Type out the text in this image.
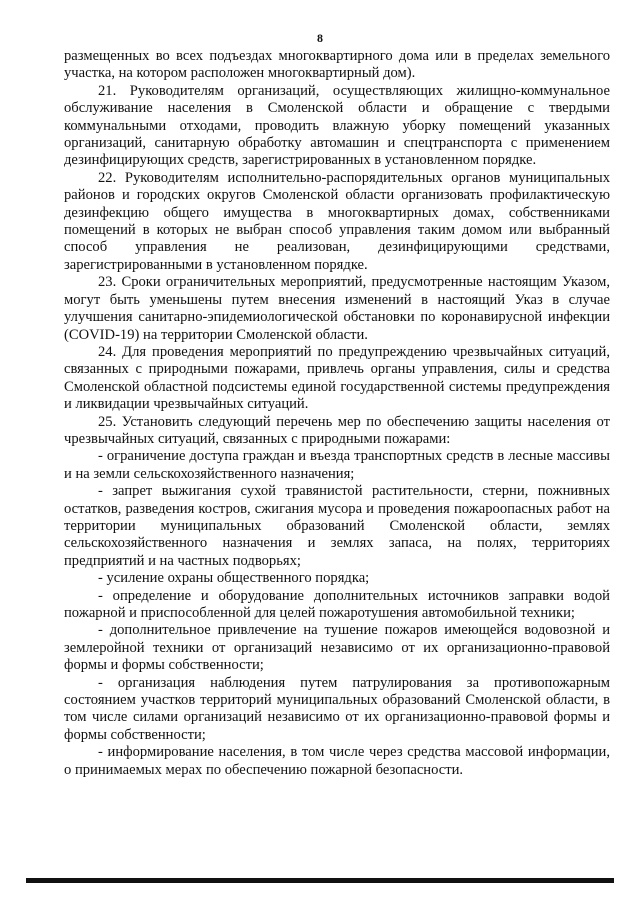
8

размещенных во всех подъездах многоквартирного дома или в пределах земельного участка, на котором расположен многоквартирный дом).

21. Руководителям организаций, осуществляющих жилищно-коммунальное обслуживание населения в Смоленской области и обращение с твердыми коммунальными отходами, проводить влажную уборку помещений указанных организаций, санитарную обработку автомашин и спецтранспорта с применением дезинфицирующих средств, зарегистрированных в установленном порядке.

22. Руководителям исполнительно-распорядительных органов муниципальных районов и городских округов Смоленской области организовать профилактическую дезинфекцию общего имущества в многоквартирных домах, собственниками помещений в которых не выбран способ управления таким домом или выбранный способ управления не реализован, дезинфицирующими средствами, зарегистрированными в установленном порядке.

23. Сроки ограничительных мероприятий, предусмотренные настоящим Указом, могут быть уменьшены путем внесения изменений в настоящий Указ в случае улучшения санитарно-эпидемиологической обстановки по коронавирусной инфекции (COVID-19) на территории Смоленской области.

24. Для проведения мероприятий по предупреждению чрезвычайных ситуаций, связанных с природными пожарами, привлечь органы управления, силы и средства Смоленской областной подсистемы единой государственной системы предупреждения и ликвидации чрезвычайных ситуаций.

25. Установить следующий перечень мер по обеспечению защиты населения от чрезвычайных ситуаций, связанных с природными пожарами:

- ограничение доступа граждан и въезда транспортных средств в лесные массивы и на земли сельскохозяйственного назначения;

- запрет выжигания сухой травянистой растительности, стерни, пожнивных остатков, разведения костров, сжигания мусора и проведения пожароопасных работ на территории муниципальных образований Смоленской области, землях сельскохозяйственного назначения и землях запаса, на полях, территориях предприятий и на частных подворьях;

- усиление охраны общественного порядка;

- определение и оборудование дополнительных источников заправки водой пожарной и приспособленной для целей пожаротушения автомобильной техники;

- дополнительное привлечение на тушение пожаров имеющейся водовозной и землеройной техники от организаций независимо от их организационно-правовой формы и формы собственности;

- организация наблюдения путем патрулирования за противопожарным состоянием участков территорий муниципальных образований Смоленской области, в том числе силами организаций независимо от их организационно-правовой формы и формы собственности;

- информирование населения, в том числе через средства массовой информации, о принимаемых мерах по обеспечению пожарной безопасности.
